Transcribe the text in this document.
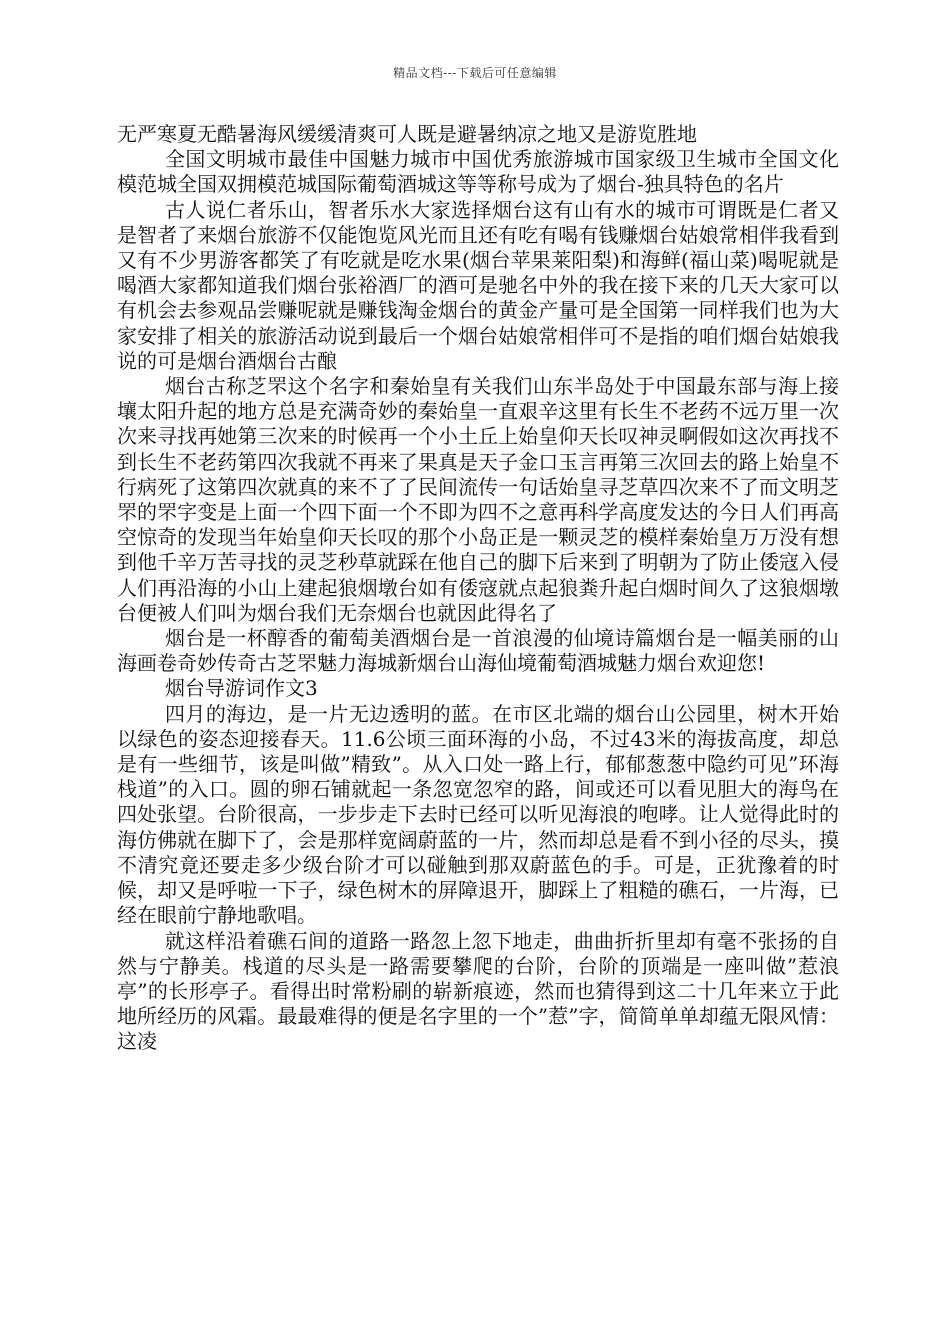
精品文档---下载后可任意编辑

无严寒夏无酷暑海风缓缓清爽可人既是避暑纳凉之地又是游览胜地

全国文明城市最佳中国魅力城市中国优秀旅游城市国家级卫生城市全国文化模范城全国双拥模范城国际葡萄酒城这等等称号成为了烟台-独具特色的名片

古人说仁者乐山，智者乐水大家选择烟台这有山有水的城市可谓既是仁者又是智者了来烟台旅游不仅能饱览风光而且还有吃有喝有钱赚烟台姑娘常相伴我看到又有不少男游客都笑了有吃就是吃水果(烟台苹果莱阳梨)和海鲜(福山菜)喝呢就是喝酒大家都知道我们烟台张裕酒厂的酒可是驰名中外的我在接下来的几天大家可以有机会去参观品尝赚呢就是赚钱淘金烟台的黄金产量可是全国第一同样我们也为大家安排了相关的旅游活动说到最后一个烟台姑娘常相伴可不是指的咱们烟台姑娘我说的可是烟台酒烟台古酿

烟台古称芝罘这个名字和秦始皇有关我们山东半岛处于中国最东部与海上接壤太阳升起的地方总是充满奇妙的秦始皇一直艰辛这里有长生不老药不远万里一次次来寻找再她第三次来的时候再一个小土丘上始皇仰天长叹神灵啊假如这次再找不到长生不老药第四次我就不再来了果真是天子金口玉言再第三次回去的路上始皇不行病死了这第四次就真的来不了了民间流传一句话始皇寻芝草四次来不了而文明芝罘的罘字变是上面一个四下面一个不即为四不之意再科学高度发达的今日人们再高空惊奇的发现当年始皇仰天长叹的那个小岛正是一颗灵芝的模样秦始皇万万没有想到他千辛万苦寻找的灵芝秒草就踩在他自己的脚下后来到了明朝为了防止倭寇入侵人们再沿海的小山上建起狼烟墩台如有倭寇就点起狼粪升起白烟时间久了这狼烟墩台便被人们叫为烟台我们无奈烟台也就因此得名了

烟台是一杯醇香的葡萄美酒烟台是一首浪漫的仙境诗篇烟台是一幅美丽的山海画卷奇妙传奇古芝罘魅力海城新烟台山海仙境葡萄酒城魅力烟台欢迎您!

烟台导游词作文3

四月的海边，是一片无边透明的蓝。在市区北端的烟台山公园里，树木开始以绿色的姿态迎接春天。11.6公顷三面环海的小岛，不过43米的海拔高度，却总是有一些细节，该是叫做”精致”。从入口处一路上行，郁郁葱葱中隐约可见”环海栈道”的入口。圆的卵石铺就起一条忽宽忽窄的路，间或还可以看见胆大的海鸟在四处张望。台阶很高，一步步走下去时已经可以听见海浪的咆哮。让人觉得此时的海仿佛就在脚下了，会是那样宽阔蔚蓝的一片，然而却总是看不到小径的尽头，摸不清究竟还要走多少级台阶才可以碰触到那双蔚蓝色的手。可是，正犹豫着的时候，却又是呼啦一下子，绿色树木的屏障退开，脚踩上了粗糙的礁石，一片海，已经在眼前宁静地歌唱。

就这样沿着礁石间的道路一路忽上忽下地走，曲曲折折里却有毫不张扬的自然与宁静美。栈道的尽头是一路需要攀爬的台阶，台阶的顶端是一座叫做”惹浪亭”的长形亭子。看得出时常粉刷的崭新痕迹，然而也猜得到这二十几年来立于此地所经历的风霜。最最难得的便是名字里的一个”惹”字，简简单单却蕴无限风情：这凌
